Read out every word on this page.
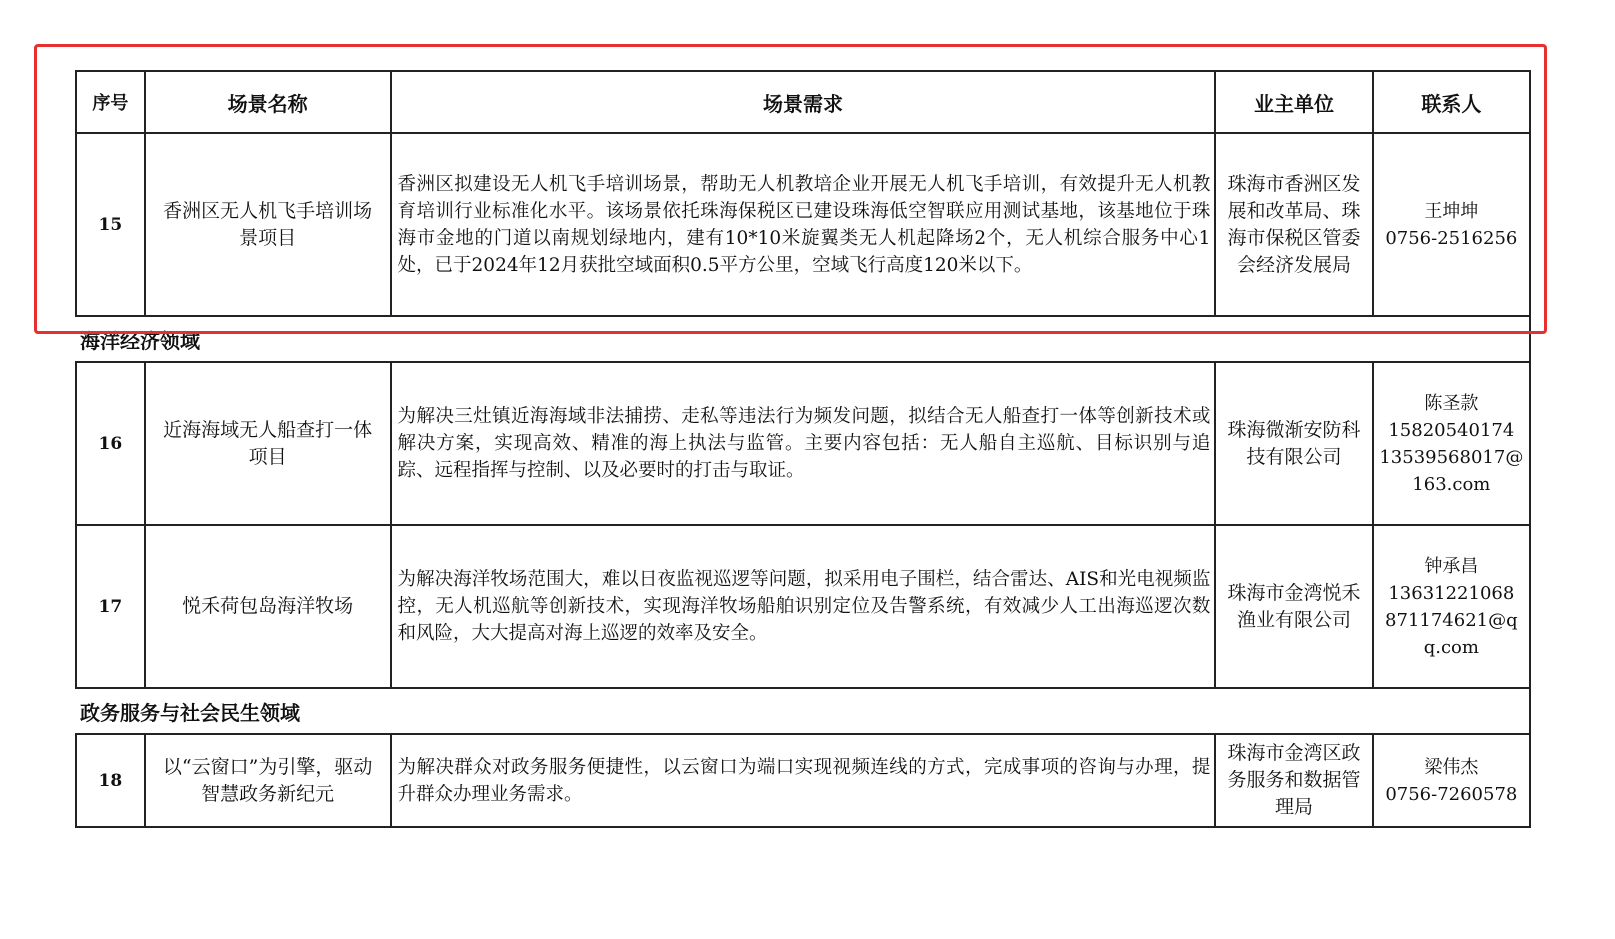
序号	场景名称	场景需求	业主单位	联系人
15	香洲区无人机飞手培训场景项目	香洲区拟建设无人机飞手培训场景，帮助无人机教培企业开展无人机飞手培训，有效提升无人机教育培训行业标准化水平。该场景依托珠海保税区已建设珠海低空智联应用测试基地，该基地位于珠海市金地的门道以南规划绿地内，建有10*10米旋翼类无人机起降场2个，无人机综合服务中心1处，已于2024年12月获批空域面积0.5平方公里，空域飞行高度120米以下。	珠海市香洲区发展和改革局、珠海市保税区管委会经济发展局	王坤坤
0756-2516256

海洋经济领域				
16	近海海域无人船查打一体项目	为解决三灶镇近海海域非法捕捞、走私等违法行为频发问题，拟结合无人船查打一体等创新技术或解决方案，实现高效、精准的海上执法与监管。主要内容包括：无人船自主巡航、目标识别与追踪、远程指挥与控制、以及必要时的打击与取证。	珠海微渐安防科技有限公司	陈圣款
15820540174
13539568017@163.com

17	悦禾荷包岛海洋牧场	为解决海洋牧场范围大，难以日夜监视巡逻等问题，拟采用电子围栏，结合雷达、AIS和光电视频监控，无人机巡航等创新技术，实现海洋牧场船舶识别定位及告警系统，有效减少人工出海巡逻次数和风险，大大提高对海上巡逻的效率及安全。	珠海市金湾悦禾渔业有限公司	钟承昌
13631221068
871174621@qq.com

政务服务与社会民生领域				
18	以“云窗口”为引擎，驱动智慧政务新纪元	为解决群众对政务服务便捷性，以云窗口为端口实现视频连线的方式，完成事项的咨询与办理，提升群众办理业务需求。	珠海市金湾区政务服务和数据管理局	梁伟杰
0756-7260578
